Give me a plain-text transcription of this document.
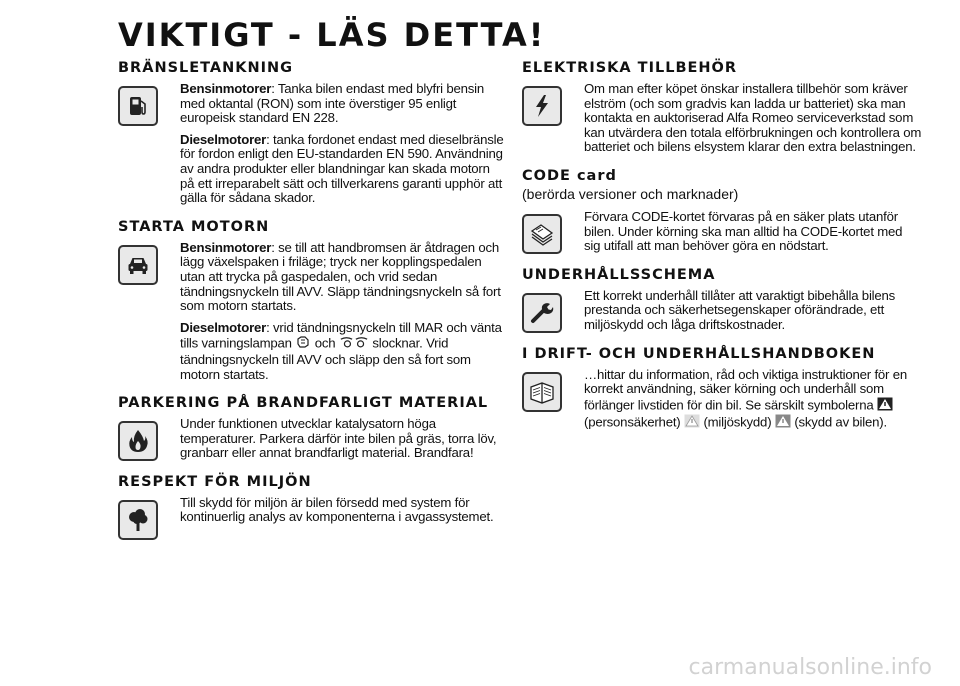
VIKTIGT - LÄS DETTA!
BRÄNSLETANKNING

Bensinmotorer: Tanka bilen endast med blyfri bensin med oktantal (RON) som inte överstiger 95 enligt europeisk standard EN 228.

Dieselmotorer: tanka fordonet endast med dieselbränsle för fordon enligt den EU-standarden EN 590. Användning av andra produkter eller blandningar kan skada motorn på ett irreparabelt sätt och tillverkarens garanti upphör att gälla för sådana skador.

STARTA MOTORN

Bensinmotorer: se till att handbromsen är åtdragen och lägg växelspaken i friläge; tryck ner kopplingspedalen utan att trycka på gaspedalen, och vrid sedan tändningsnyckeln till AVV. Släpp tändningsnyckeln så fort som motorn startats.

Dieselmotorer: vrid tändningsnyckeln till MAR och vänta tills varningslampan och	slocknar. Vrid tändningsnyckeln till AVV och släpp den så fort som motorn startats.

PARKERING PÅ BRANDFARLIGT MATERIAL

Under funktionen utvecklar katalysatorn höga temperaturer. Parkera därför inte bilen på gräs, torra löv, granbarr eller annat brandfarligt material. Brandfara!

RESPEKT FÖR MILJÖN

Till skydd för miljön är bilen försedd med system för kontinuerlig analys av komponenterna i avgassystemet.

ELEKTRISKA TILLBEHÖR

Om man efter köpet önskar installera tillbehör som kräver elström (och som gradvis kan ladda ur batteriet) ska man kontakta en auktoriserad Alfa Romeo serviceverkstad som kan utvärdera den totala elförbrukningen och kontrollera om batteriet och bilens elsystem klarar den extra belastningen.

CODE card
(berörda versioner och marknader)

Förvara CODE-kortet förvaras på en säker plats utanför bilen. Under körning ska man alltid ha CODE-kortet med sig utifall att man behöver göra en nödstart.

UNDERHÅLLSSCHEMA

Ett korrekt underhåll tillåter att varaktigt bibehålla bilens prestanda och säkerhetsegenskaper oförändrade, ett miljöskydd och låga driftskostnader.

I DRIFT- OCH UNDERHÅLLSHANDBOKEN

…hittar du information, råd och viktiga instruktioner för en korrekt användning, säker körning och underhåll som förlänger livstiden för din bil. Se särskilt symbolerna  (personsäkerhet) (miljöskydd) (skydd av bilen).

carmanualsonline.info
